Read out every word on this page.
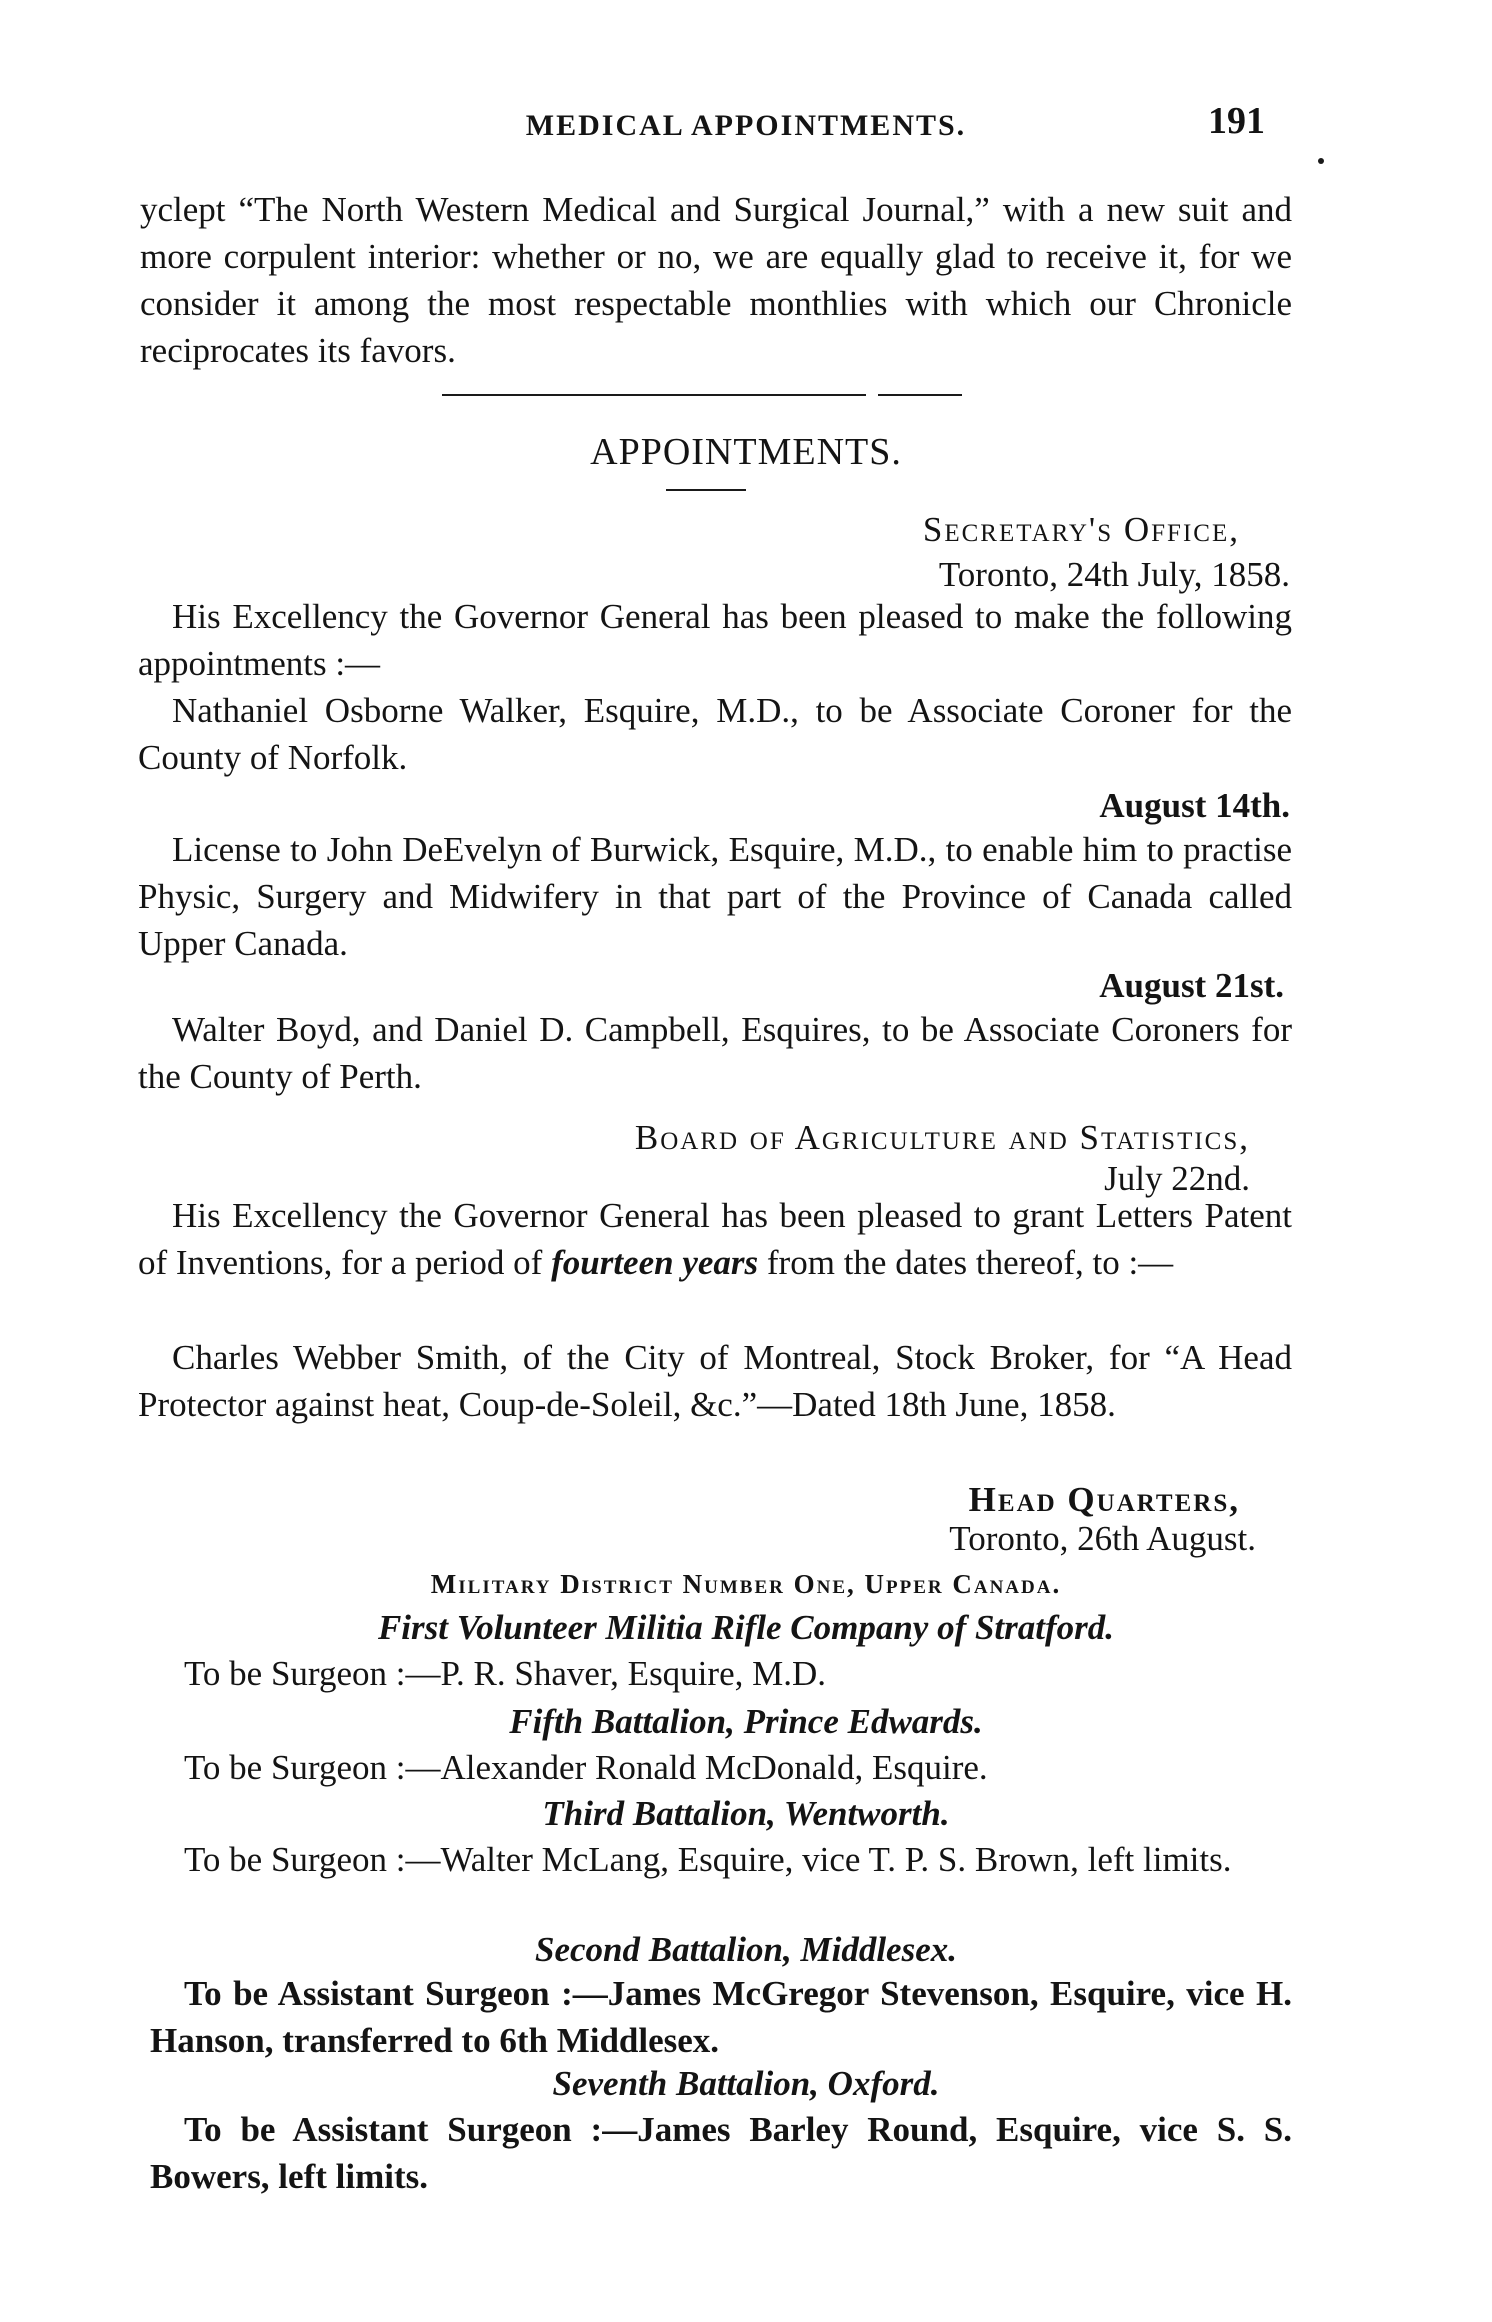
MEDICAL APPOINTMENTS.	191

yclept “The North Western Medical and Surgical Journal,” with a new suit and more corpulent interior: whether or no, we are equally glad to receive it, for we consider it among the most respectable monthlies with which our Chronicle reciprocates its favors.

APPOINTMENTS.
Secretary's Office,
Toronto, 24th July, 1858.

His Excellency the Governor General has been pleased to make the following appointments :—

Nathaniel Osborne Walker, Esquire, M.D., to be Associate Coroner for the County of Norfolk.

August 14th.

License to John DeEvelyn of Burwick, Esquire, M.D., to enable him to practise Physic, Surgery and Midwifery in that part of the Province of Canada called Upper Canada.

August 21st.

Walter Boyd, and Daniel D. Campbell, Esquires, to be Associate Coroners for the County of Perth.

Board of Agriculture and Statistics,
July 22nd.

His Excellency the Governor General has been pleased to grant Letters Patent of Inventions, for a period of fourteen years from the dates thereof, to :—

Charles Webber Smith, of the City of Montreal, Stock Broker, for “A Head Protector against heat, Coup-de-Soleil, &c.”—Dated 18th June, 1858.

Head Quarters,
Toronto, 26th August.
Military District Number One, Upper Canada.
First Volunteer Militia Rifle Company of Stratford.

To be Surgeon :—P. R. Shaver, Esquire, M.D.

Fifth Battalion, Prince Edwards.

To be Surgeon :—Alexander Ronald McDonald, Esquire.

Third Battalion, Wentworth.

To be Surgeon :—Walter McLang, Esquire, vice T. P. S. Brown, left limits.

Second Battalion, Middlesex.

To be Assistant Surgeon :—James McGregor Stevenson, Esquire, vice H. Hanson, transferred to 6th Middlesex.

Seventh Battalion, Oxford.

To be Assistant Surgeon :—James Barley Round, Esquire, vice S. S. Bowers, left limits.
